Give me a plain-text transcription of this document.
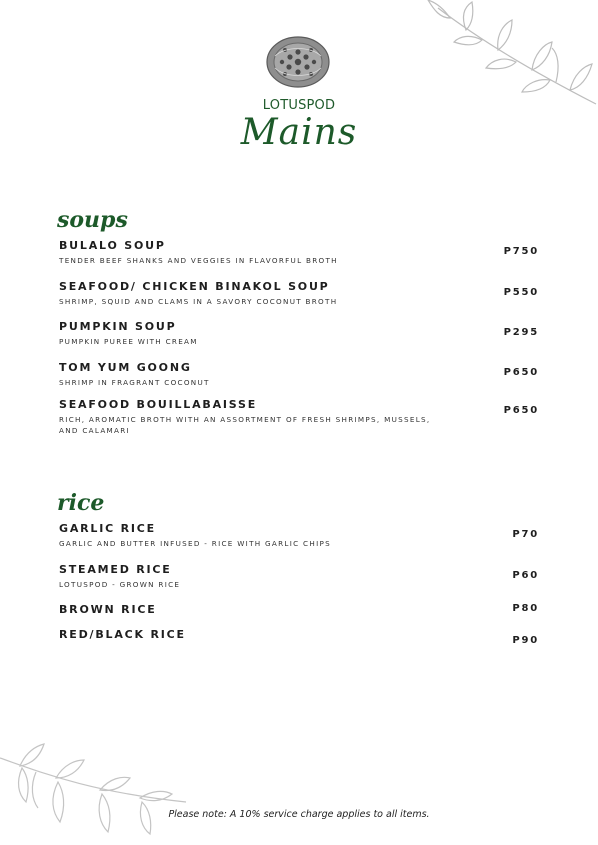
LOTUSPOD
Mains
soups
BULALO SOUP
TENDER BEEF SHANKS AND VEGGIES IN FLAVORFUL BROTH
P750
SEAFOOD/ CHICKEN BINAKOL SOUP
SHRIMP, SQUID AND CLAMS IN A SAVORY COCONUT BROTH
P550
PUMPKIN SOUP
PUMPKIN PUREE WITH CREAM
P295
TOM YUM GOONG
SHRIMP IN FRAGRANT COCONUT
P650
SEAFOOD BOUILLABAISSE
RICH, AROMATIC BROTH WITH AN ASSORTMENT OF FRESH SHRIMPS, MUSSELS, AND CALAMARI
P650
rice
GARLIC RICE
GARLIC AND BUTTER INFUSED - RICE WITH GARLIC CHIPS
P70
STEAMED RICE
LOTUSPOD - GROWN RICE
P60
BROWN RICE	P80
RED/BLACK RICE	P90
Please note: A 10% service charge applies to all items.
